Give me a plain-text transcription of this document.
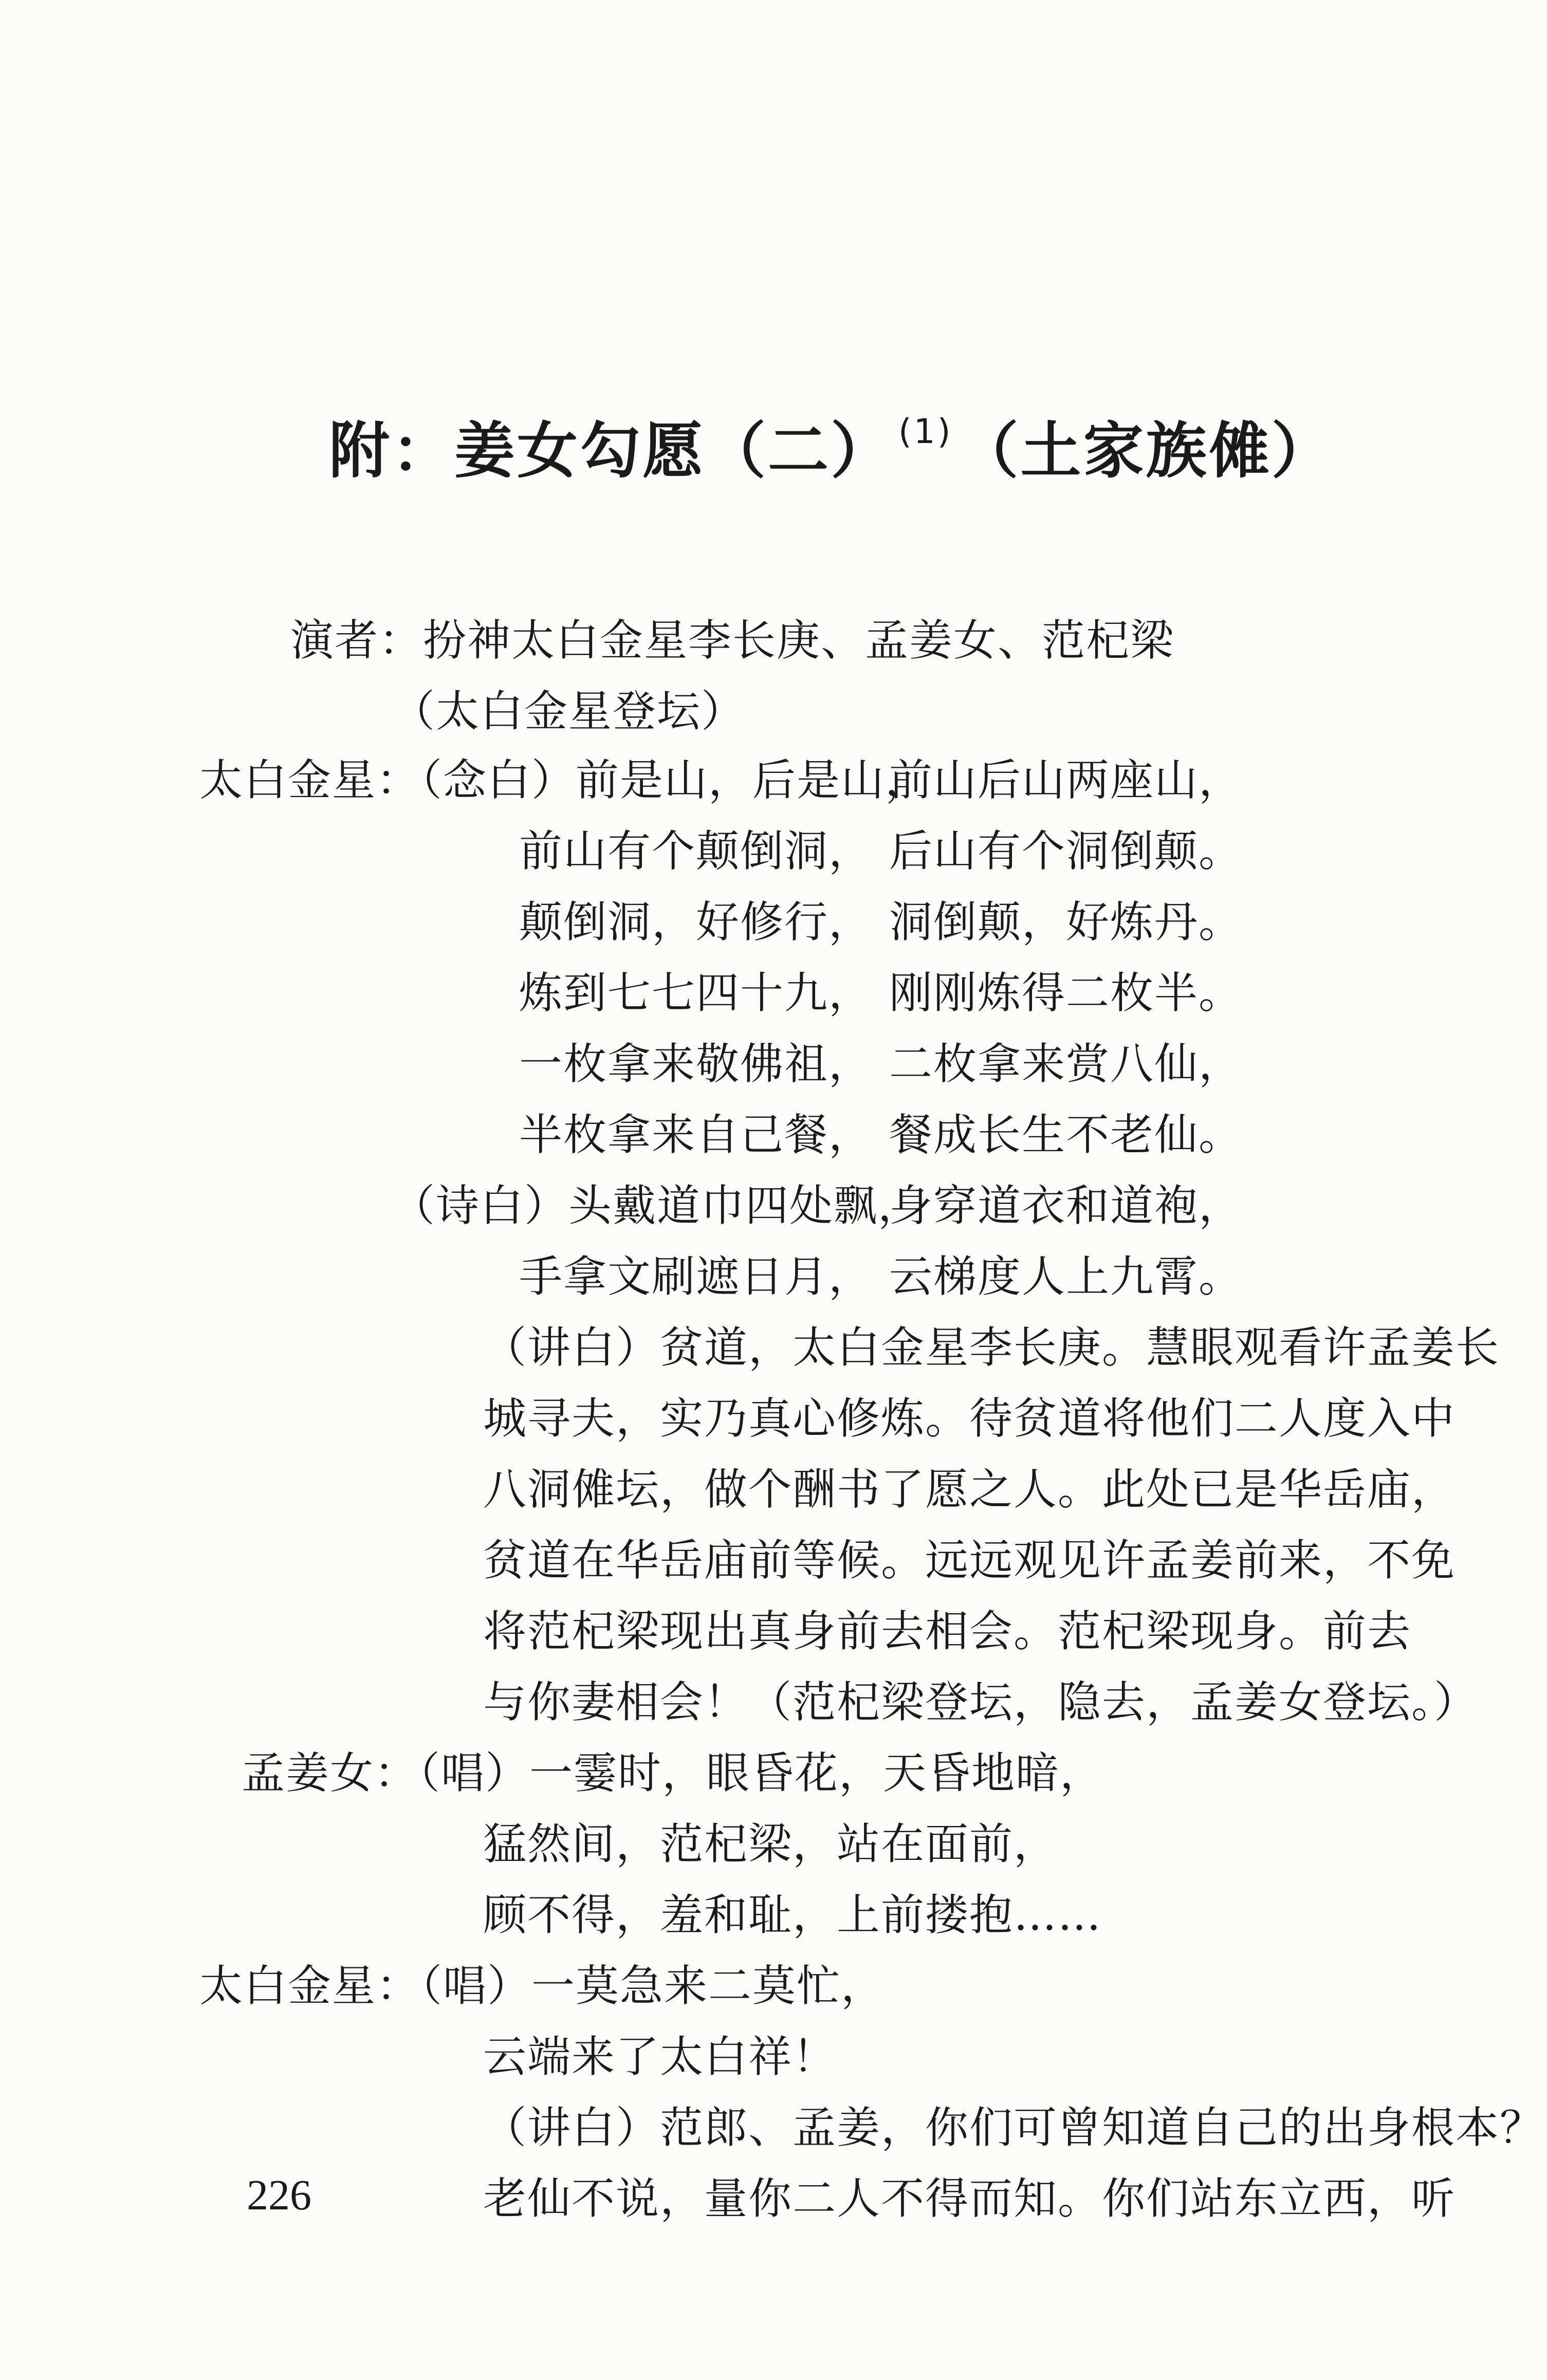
附：姜女勾愿（二） $^{(1)}$（土家族傩）
演者：扮神太白金星李长庚、孟姜女、范杞梁
（太白金星登坛）
太白金星：（念白）前是山，后是山，
前山后山两座山，
前山有个颠倒洞， 后山有个洞倒颠。
颠倒洞，好修行， 洞倒颠，好炼丹。
炼到七七四十九， 刚刚炼得二枚半。
一枚拿来敬佛祖， 二枚拿来赏八仙，
半枚拿来自己餐， 餐成长生不老仙。
（诗白）头戴道巾四处飘，
身穿道衣和道袍，
手拿文刷遮日月， 云梯度人上九霄。
（讲白）贫道，太白金星李长庚。慧眼观看许孟姜长
城寻夫，实乃真心修炼。待贫道将他们二人度入中
八洞傩坛，做个酬书了愿之人。此处已是华岳庙，
贫道在华岳庙前等候。远远观见许孟姜前来，不免
将范杞梁现出真身前去相会。范杞梁现身。前去
与你妻相会！（范杞梁登坛，隐去，孟姜女登坛。）
孟姜女：（唱）一霎时，眼昏花，天昏地暗，
猛然间，范杞梁，站在面前，
顾不得，羞和耻，上前搂抱……
太白金星：（唱）一莫急来二莫忙，
云端来了太白祥！
（讲白）范郎、孟姜，你们可曾知道自己的出身根本？
老仙不说，量你二人不得而知。你们站东立西，听
226
